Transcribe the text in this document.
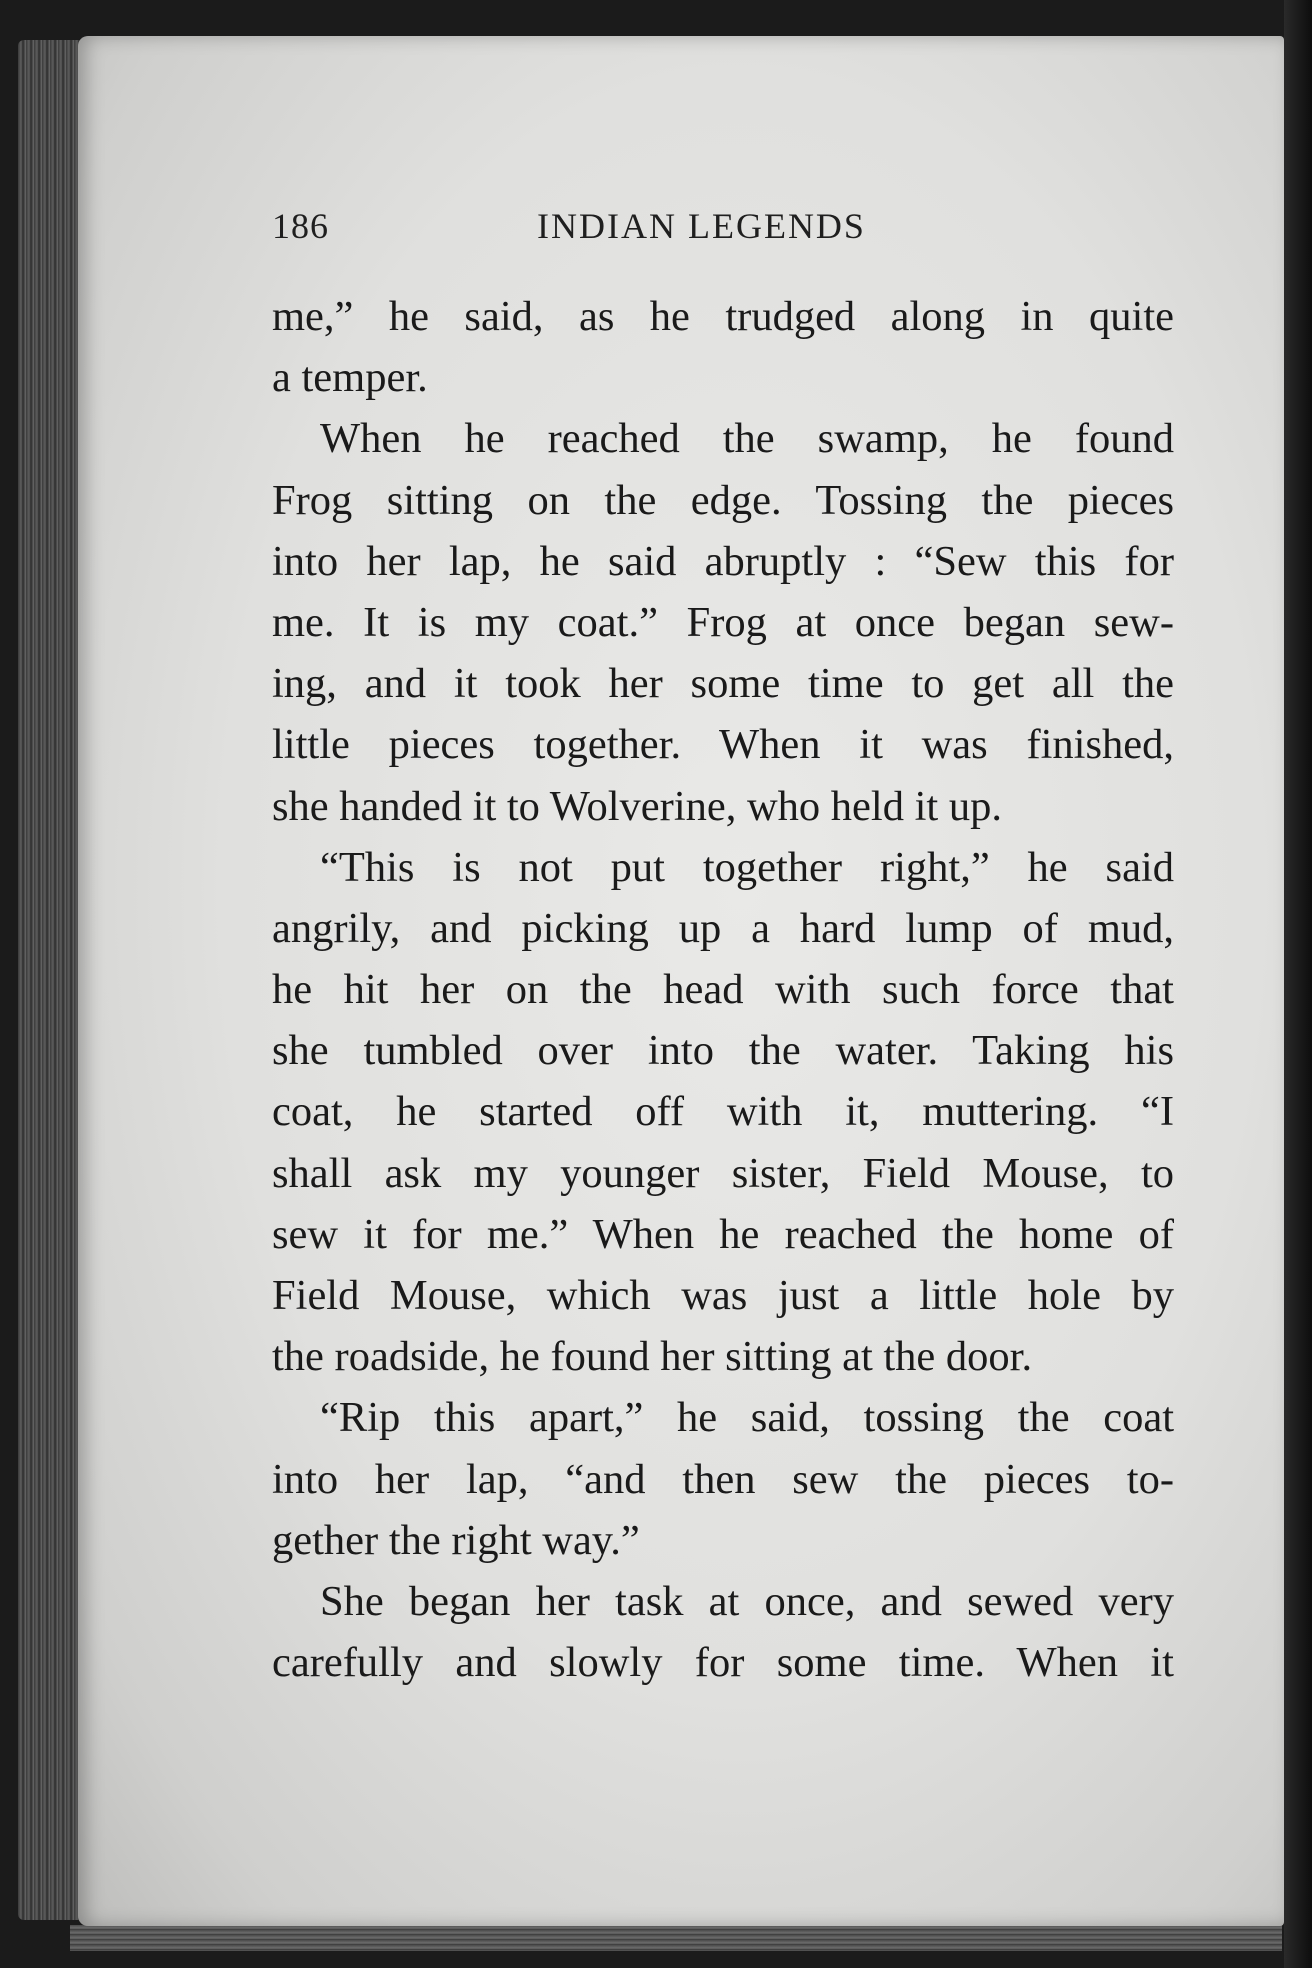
186	INDIAN LEGENDS
me,” he said, as he trudged along in quite
a temper.
When he reached the swamp, he found
Frog sitting on the edge. Tossing the pieces
into her lap, he said abruptly : “Sew this for
me. It is my coat.” Frog at once began sew-
ing, and it took her some time to get all the
little pieces together. When it was finished,
she handed it to Wolverine, who held it up.
“This is not put together right,” he said
angrily, and picking up a hard lump of mud,
he hit her on the head with such force that
she tumbled over into the water. Taking his
coat, he started off with it, muttering. “I
shall ask my younger sister, Field Mouse, to
sew it for me.” When he reached the home of
Field Mouse, which was just a little hole by
the roadside, he found her sitting at the door.
“Rip this apart,” he said, tossing the coat
into her lap, “and then sew the pieces to-
gether the right way.”
She began her task at once, and sewed very
carefully and slowly for some time. When it
